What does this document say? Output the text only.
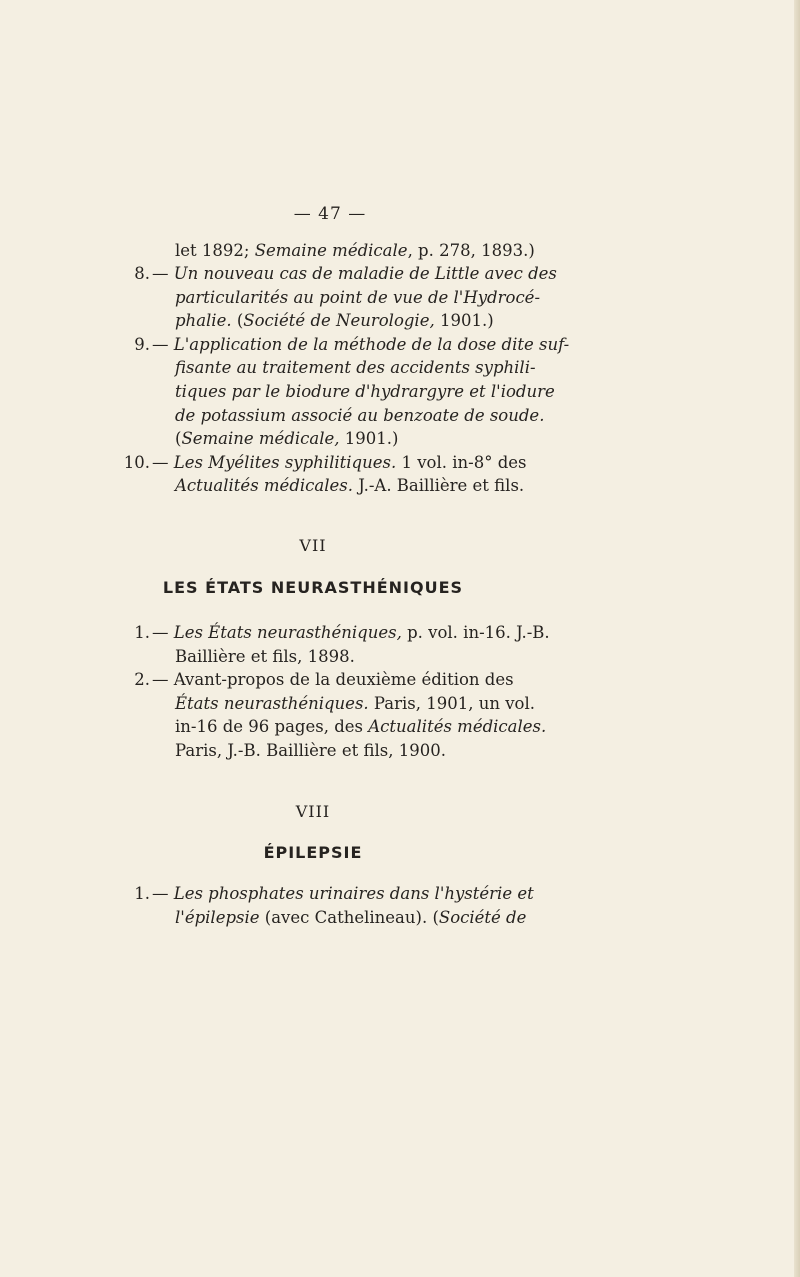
— 47 —
let 1892; Semaine médicale, p. 278, 1893.)
8. — Un nouveau cas de maladie de Little avec des
particularités au point de vue de l'Hydrocé-
phalie. (Société de Neurologie, 1901.)
9. — L'application de la méthode de la dose dite suf-
fisante au traitement des accidents syphili-
tiques par le biodure d'hydrargyre et l'iodure
de potassium associé au benzoate de soude.
(Semaine médicale, 1901.)
10. — Les Myélites syphilitiques. 1 vol. in-8° des
Actualités médicales. J.-A. Baillière et fils.
VII
LES ÉTATS NEURASTHÉNIQUES
1. — Les États neurasthéniques, p. vol. in-16. J.-B.
Baillière et fils, 1898.
2. — Avant-propos de la deuxième édition des
États neurasthéniques. Paris, 1901, un vol.
in-16 de 96 pages, des Actualités médicales.
Paris, J.-B. Baillière et fils, 1900.
VIII
ÉPILEPSIE
1. — Les phosphates urinaires dans l'hystérie et
l'épilepsie (avec Cathelineau). (Société de
